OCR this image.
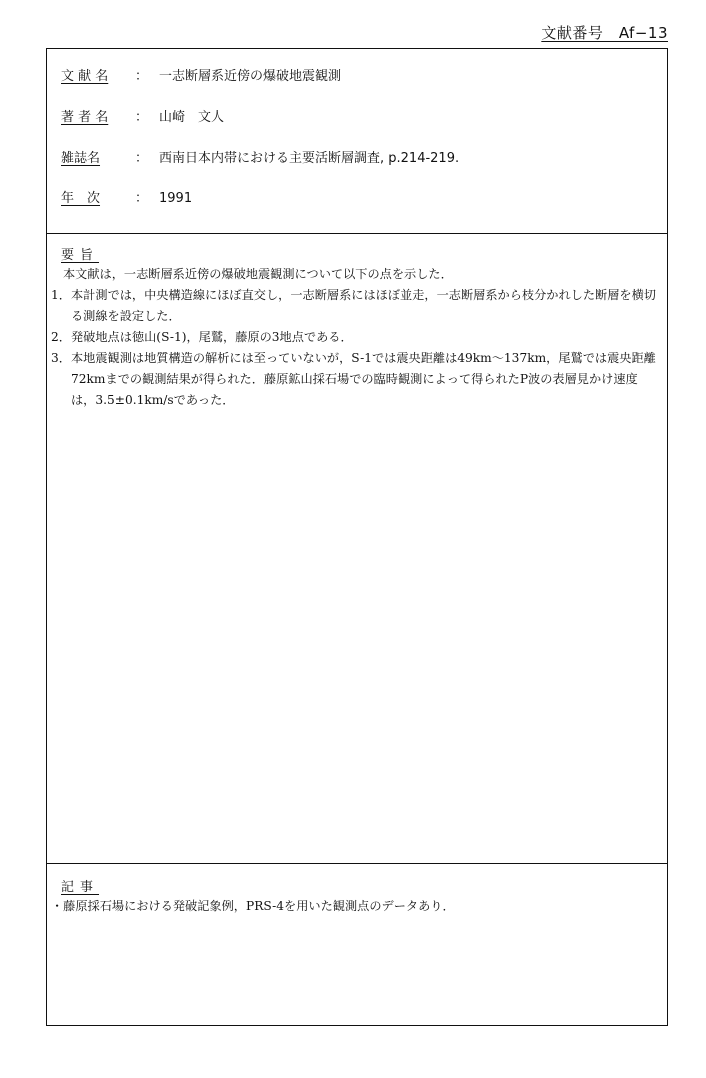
文献番号　Af−13
文 献 名	： 一志断層系近傍の爆破地震観測
著 者 名	： 山崎　文人
雑誌名	： 西南日本内帯における主要活断層調査, p.214-219.
年　次	： 1991
要旨
本文献は，一志断層系近傍の爆破地震観測について以下の点を示した．
1． 本計測では，中央構造線にほぼ直交し，一志断層系にはほぼ並走，一志断層系から枝分かれした断層を横切る測線を設定した．
2． 発破地点は徳山(S-1)，尾鷲，藤原の3地点である．
3． 本地震観測は地質構造の解析には至っていないが，S-1では震央距離は49km〜137km，尾鷲では震央距離72kmまでの観測結果が得られた．藤原鉱山採石場での臨時観測によって得られたP波の表層見かけ速度は，3.5±0.1km/sであった．
記事
・藤原採石場における発破記象例，PRS-4を用いた観測点のデータあり．
